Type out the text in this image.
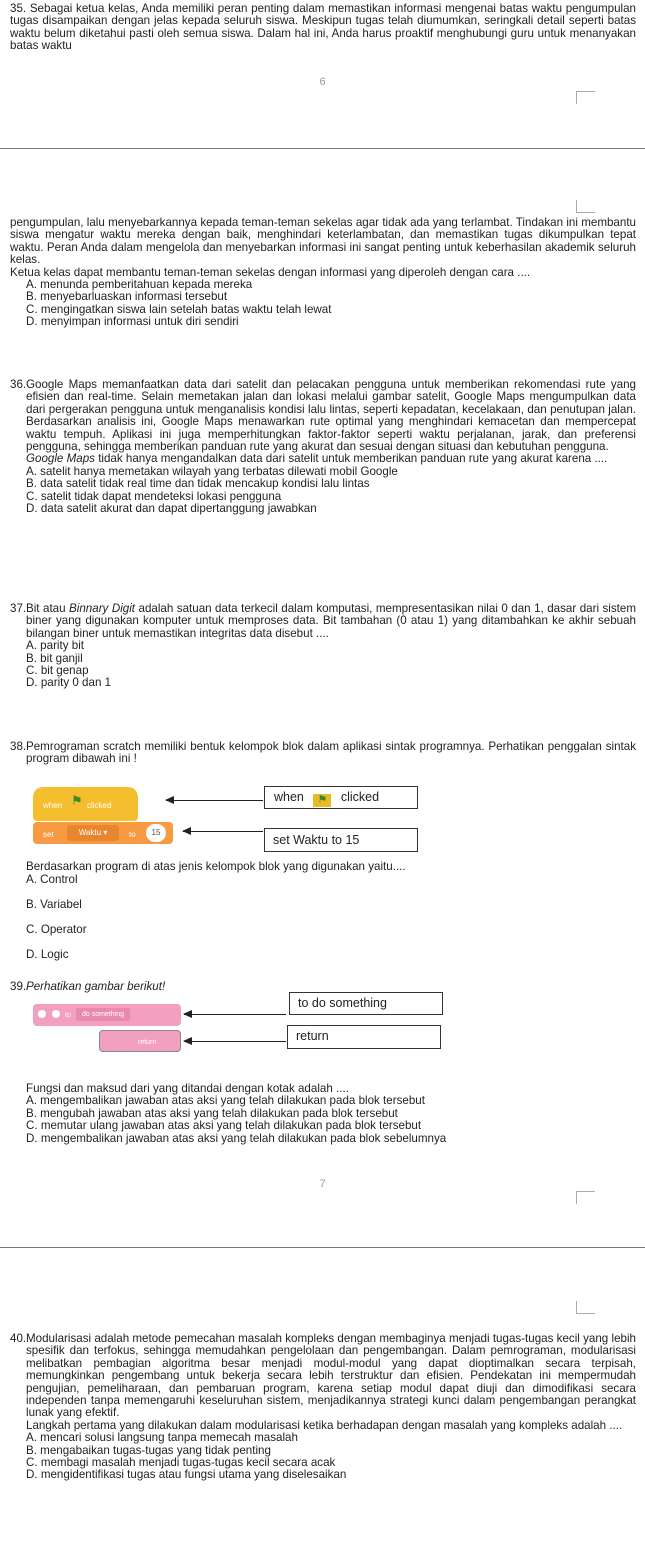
35. Sebagai ketua kelas, Anda memiliki peran penting dalam memastikan informasi mengenai batas waktu pengumpulan tugas disampaikan dengan jelas kepada seluruh siswa. Meskipun tugas telah diumumkan, seringkali detail seperti batas waktu belum diketahui pasti oleh semua siswa. Dalam hal ini, Anda harus proaktif menghubungi guru untuk menanyakan batas waktu
6
pengumpulan, lalu menyebarkannya kepada teman-teman sekelas agar tidak ada yang terlambat. Tindakan ini membantu siswa mengatur waktu mereka dengan baik, menghindari keterlambatan, dan memastikan tugas dikumpulkan tepat waktu. Peran Anda dalam mengelola dan menyebarkan informasi ini sangat penting untuk keberhasilan akademik seluruh kelas.
Ketua kelas dapat membantu teman-teman sekelas dengan informasi yang diperoleh dengan cara ....
A. menunda pemberitahuan kepada mereka
B. menyebarluaskan informasi tersebut
C. mengingatkan siswa lain setelah batas waktu telah lewat
D. menyimpan informasi untuk diri sendiri
36. Google Maps memanfaatkan data dari satelit dan pelacakan pengguna untuk memberikan rekomendasi rute yang efisien dan real-time. Selain memetakan jalan dan lokasi melalui gambar satelit, Google Maps mengumpulkan data dari pergerakan pengguna untuk menganalisis kondisi lalu lintas, seperti kepadatan, kecelakaan, dan penutupan jalan. Berdasarkan analisis ini, Google Maps menawarkan rute optimal yang menghindari kemacetan dan mempercepat waktu tempuh. Aplikasi ini juga memperhitungkan faktor-faktor seperti waktu perjalanan, jarak, dan preferensi pengguna, sehingga memberikan panduan rute yang akurat dan sesuai dengan situasi dan kebutuhan pengguna.
Google Maps tidak hanya mengandalkan data dari satelit untuk memberikan panduan rute yang akurat karena ....
A. satelit hanya memetakan wilayah yang terbatas dilewati mobil Google
B. data satelit tidak real time dan tidak mencakup kondisi lalu lintas
C. satelit tidak dapat mendeteksi lokasi pengguna
D. data satelit akurat dan dapat dipertanggung jawabkan
37. Bit atau Binnary Digit adalah satuan data terkecil dalam komputasi, mempresentasikan nilai 0 dan 1, dasar dari sistem biner yang digunakan komputer untuk memproses data. Bit tambahan (0 atau 1) yang ditambahkan ke akhir sebuah bilangan biner untuk memastikan integritas data disebut ....
A. parity bit
B. bit ganjil
C. bit genap
D. parity 0 dan 1
38. Pemrograman scratch memiliki bentuk kelompok blok dalam aplikasi sintak programnya. Perhatikan penggalan sintak program dibawah ini !
when ⚑ clicked
set	Waktu ▾	to	15
when ⚑ clicked
set Waktu to 15
Berdasarkan program di atas jenis kelompok blok yang digunakan yaitu....
A. Control
B. Variabel
C. Operator
D. Logic
39. Perhatikan gambar berikut!
to	do something
return
to do something
return
Fungsi dan maksud dari yang ditandai dengan kotak adalah ....
A. mengembalikan jawaban atas aksi yang telah dilakukan pada blok tersebut
B. mengubah jawaban atas aksi yang telah dilakukan pada blok tersebut
C. memutar ulang jawaban atas aksi yang telah dilakukan pada blok tersebut
D. mengembalikan jawaban atas aksi yang telah dilakukan pada blok sebelumnya
7
40. Modularisasi adalah metode pemecahan masalah kompleks dengan membaginya menjadi tugas-tugas kecil yang lebih spesifik dan terfokus, sehingga memudahkan pengelolaan dan pengembangan. Dalam pemrograman, modularisasi melibatkan pembagian algoritma besar menjadi modul-modul yang dapat dioptimalkan secara terpisah, memungkinkan pengembang untuk bekerja secara lebih terstruktur dan efisien. Pendekatan ini mempermudah pengujian, pemeliharaan, dan pembaruan program, karena setiap modul dapat diuji dan dimodifikasi secara independen tanpa memengaruhi keseluruhan sistem, menjadikannya strategi kunci dalam pengembangan perangkat lunak yang efektif.
Langkah pertama yang dilakukan dalam modularisasi ketika berhadapan dengan masalah yang kompleks adalah ....
A. mencari solusi langsung tanpa memecah masalah
B. mengabaikan tugas-tugas yang tidak penting
C. membagi masalah menjadi tugas-tugas kecil secara acak
D. mengidentifikasi tugas atau fungsi utama yang diselesaikan
